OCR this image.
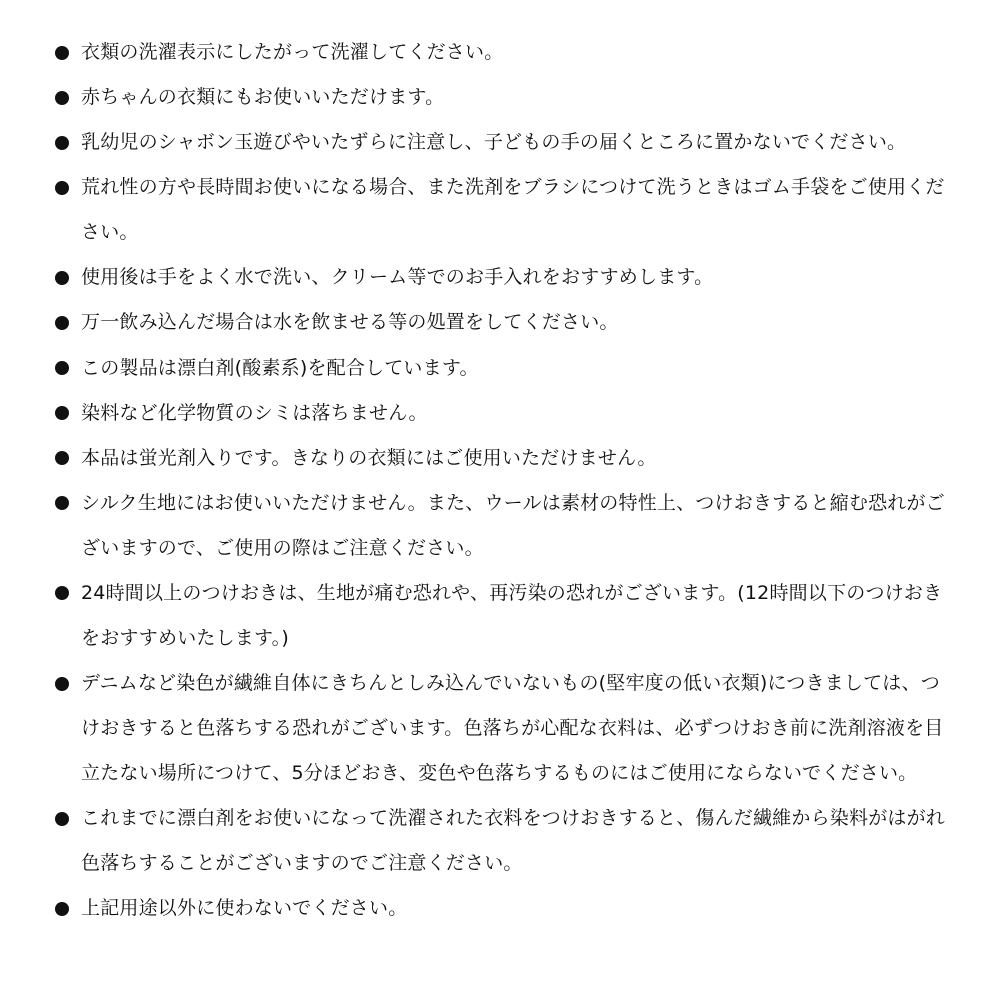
衣類の洗濯表示にしたがって洗濯してください。
赤ちゃんの衣類にもお使いいただけます。
乳幼児のシャボン玉遊びやいたずらに注意し、子どもの手の届くところに置かないでください。
荒れ性の方や長時間お使いになる場合、また洗剤をブラシにつけて洗うときはゴム手袋をご使用ください。
使用後は手をよく水で洗い、クリーム等でのお手入れをおすすめします。
万一飲み込んだ場合は水を飲ませる等の処置をしてください。
この製品は漂白剤(酸素系)を配合しています。
染料など化学物質のシミは落ちません。
本品は蛍光剤入りです。きなりの衣類にはご使用いただけません。
シルク生地にはお使いいただけません。また、ウールは素材の特性上、つけおきすると縮む恐れがございますので、ご使用の際はご注意ください。
24時間以上のつけおきは、生地が痛む恐れや、再汚染の恐れがございます。(12時間以下のつけおきをおすすめいたします。)
デニムなど染色が繊維自体にきちんとしみ込んでいないもの(堅牢度の低い衣類)につきましては、つけおきすると色落ちする恐れがございます。色落ちが心配な衣料は、必ずつけおき前に洗剤溶液を目立たない場所につけて、5分ほどおき、変色や色落ちするものにはご使用にならないでください。
これまでに漂白剤をお使いになって洗濯された衣料をつけおきすると、傷んだ繊維から染料がはがれ色落ちすることがございますのでご注意ください。
上記用途以外に使わないでください。
